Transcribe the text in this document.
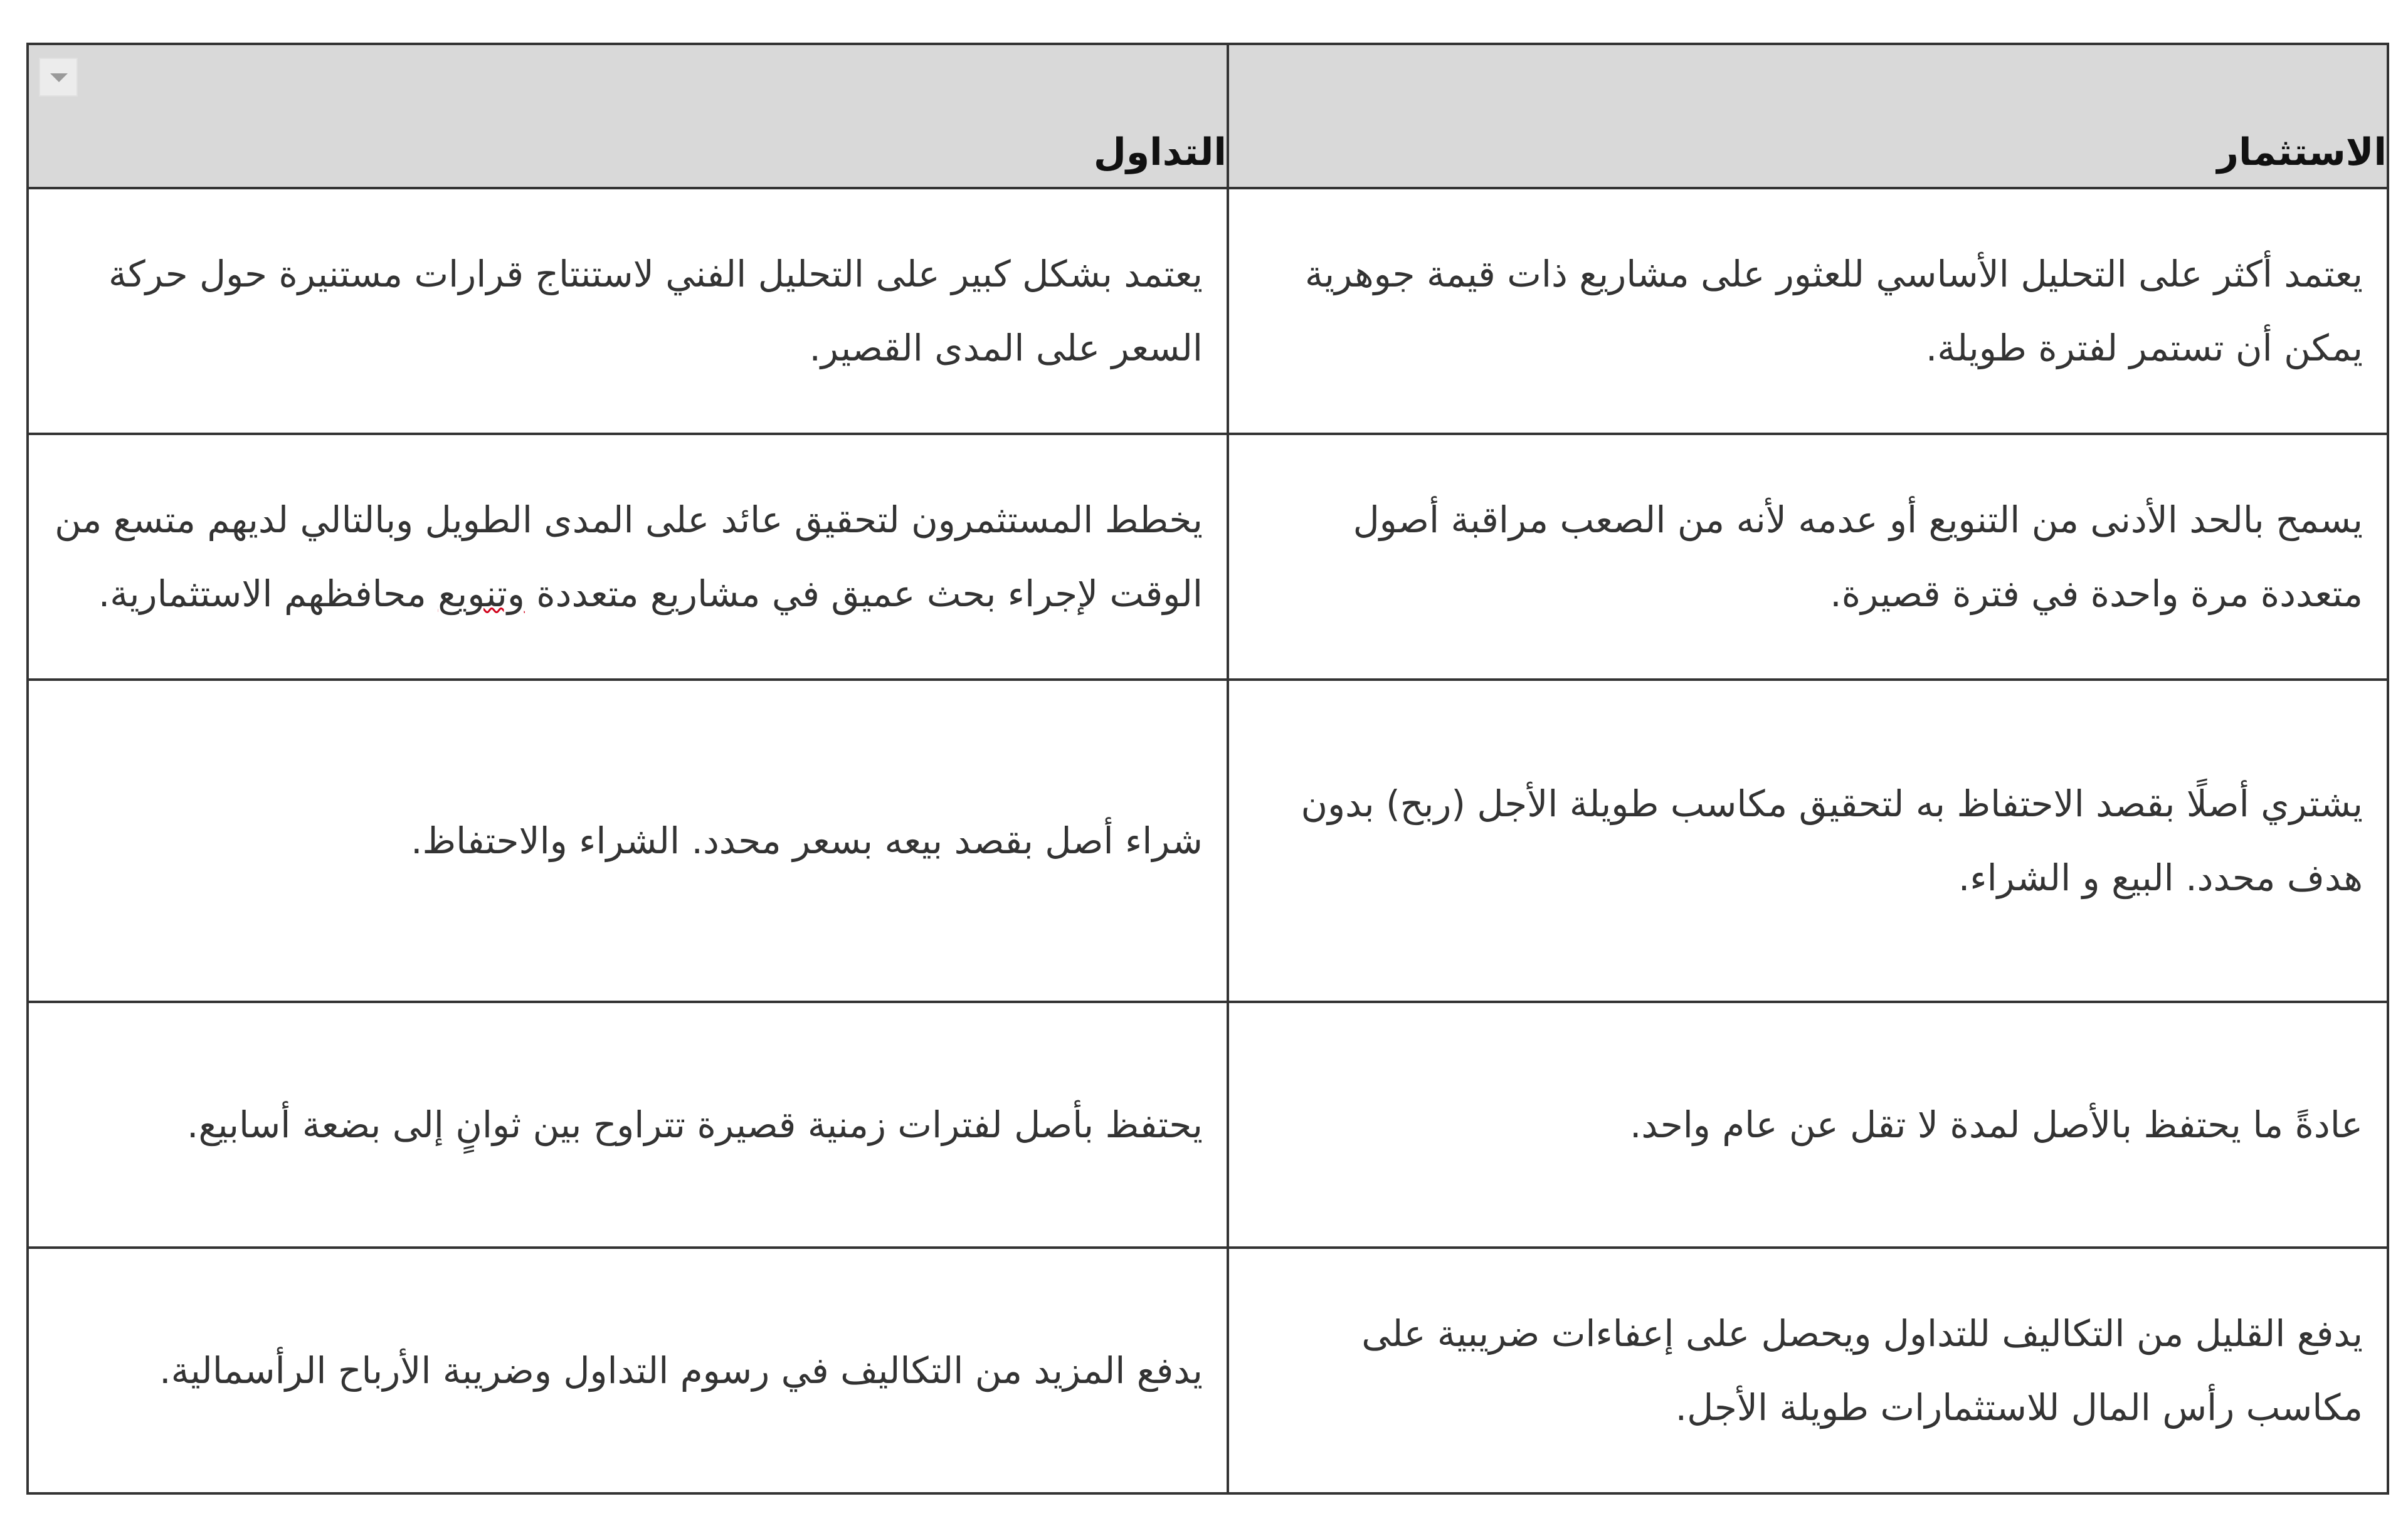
الاستثمار	التداول
يعتمد أكثر على التحليل الأساسي للعثور على مشاريع ذات قيمة جوهرية يمكن أن تستمر لفترة طويلة.	يعتمد بشكل كبير على التحليل الفني لاستنتاج قرارات مستنيرة حول حركة السعر على المدى القصير.
يسمح بالحد الأدنى من التنويع أو عدمه لأنه من الصعب مراقبة أصول متعددة مرة واحدة في فترة قصيرة.	يخطط المستثمرون لتحقيق عائد على المدى الطويل وبالتالي لديهم متسع من الوقت لإجراء بحث عميق في مشاريع متعددة وتنويع محافظهم الاستثمارية.
يشتري أصلًا بقصد الاحتفاظ به لتحقيق مكاسب طويلة الأجل (ربح) بدون هدف محدد. البيع و الشراء.	شراء أصل بقصد بيعه بسعر محدد. الشراء والاحتفاظ.
عادةً ما يحتفظ بالأصل لمدة لا تقل عن عام واحد.	يحتفظ بأصل لفترات زمنية قصيرة تتراوح بين ثوانٍ إلى بضعة أسابيع.
يدفع القليل من التكاليف للتداول ويحصل على إعفاءات ضريبية على مكاسب رأس المال للاستثمارات طويلة الأجل.	يدفع المزيد من التكاليف في رسوم التداول وضريبة الأرباح الرأسمالية.
